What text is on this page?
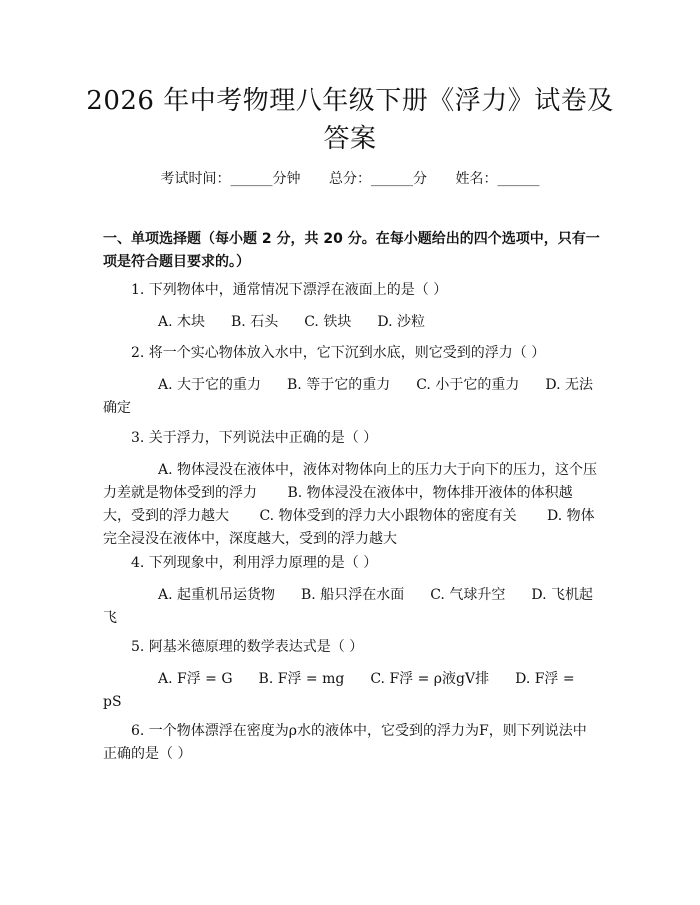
2026 年中考物理八年级下册《浮力》试卷及
答案
考试时间：______分钟 总分：______分 姓名：______
一、单项选择题（每小题 2 分，共 20 分。在每小题给出的四个选项中，只有一项是符合题目要求的。）

1. 下列物体中，通常情况下漂浮在液面上的是（ ）

A. 木块 B. 石头 C. 铁块 D. 沙粒

2. 将一个实心物体放入水中，它下沉到水底，则它受到的浮力（ ）

A. 大于它的重力 B. 等于它的重力 C. 小于它的重力 D. 无法确定

3. 关于浮力，下列说法中正确的是（ ）

A. 物体浸没在液体中，液体对物体向上的压力大于向下的压力，这个压力差就是物体受到的浮力 B. 物体浸没在液体中，物体排开液体的体积越大，受到的浮力越大 C. 物体受到的浮力大小跟物体的密度有关 D. 物体完全浸没在液体中，深度越大，受到的浮力越大

4. 下列现象中，利用浮力原理的是（ ）

A. 起重机吊运货物 B. 船只浮在水面 C. 气球升空 D. 飞机起飞

5. 阿基米德原理的数学表达式是（ ）

A. F浮 = G B. F浮 = mg C. F浮 = ρ液gV排 D. F浮 = pS

6. 一个物体漂浮在密度为ρ水的液体中，它受到的浮力为F，则下列说法中正确的是（ ）
